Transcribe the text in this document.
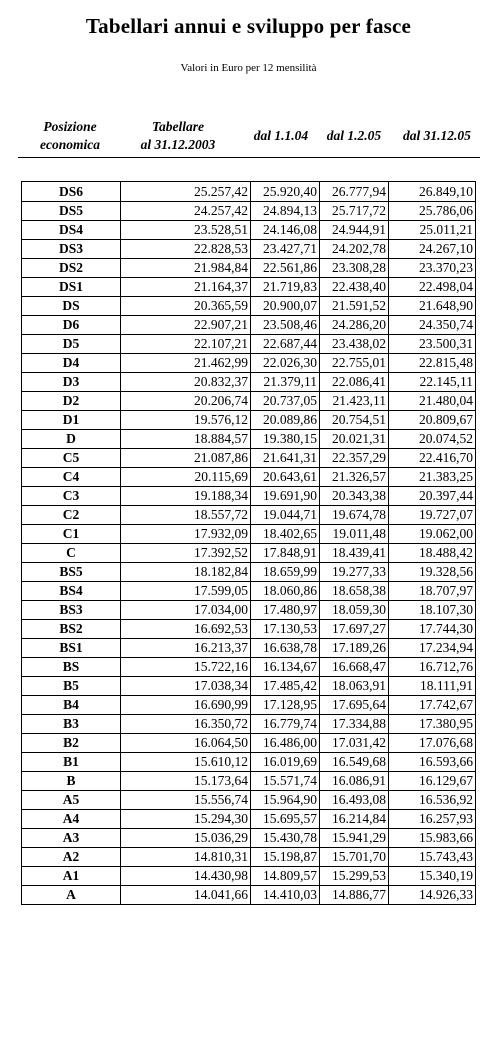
Tabellari annui e sviluppo per fasce
Valori in Euro per 12 mensilità
Posizione
economica
Tabellare
al 31.12.2003
dal 1.1.04	dal 1.2.05	dal 31.12.05
DS6	25.257,42	25.920,40	26.777,94	26.849,10
DS5	24.257,42	24.894,13	25.717,72	25.786,06
DS4	23.528,51	24.146,08	24.944,91	25.011,21
DS3	22.828,53	23.427,71	24.202,78	24.267,10
DS2	21.984,84	22.561,86	23.308,28	23.370,23
DS1	21.164,37	21.719,83	22.438,40	22.498,04
DS	20.365,59	20.900,07	21.591,52	21.648,90
D6	22.907,21	23.508,46	24.286,20	24.350,74
D5	22.107,21	22.687,44	23.438,02	23.500,31
D4	21.462,99	22.026,30	22.755,01	22.815,48
D3	20.832,37	21.379,11	22.086,41	22.145,11
D2	20.206,74	20.737,05	21.423,11	21.480,04
D1	19.576,12	20.089,86	20.754,51	20.809,67
D	18.884,57	19.380,15	20.021,31	20.074,52
C5	21.087,86	21.641,31	22.357,29	22.416,70
C4	20.115,69	20.643,61	21.326,57	21.383,25
C3	19.188,34	19.691,90	20.343,38	20.397,44
C2	18.557,72	19.044,71	19.674,78	19.727,07
C1	17.932,09	18.402,65	19.011,48	19.062,00
C	17.392,52	17.848,91	18.439,41	18.488,42
BS5	18.182,84	18.659,99	19.277,33	19.328,56
BS4	17.599,05	18.060,86	18.658,38	18.707,97
BS3	17.034,00	17.480,97	18.059,30	18.107,30
BS2	16.692,53	17.130,53	17.697,27	17.744,30
BS1	16.213,37	16.638,78	17.189,26	17.234,94
BS	15.722,16	16.134,67	16.668,47	16.712,76
B5	17.038,34	17.485,42	18.063,91	18.111,91
B4	16.690,99	17.128,95	17.695,64	17.742,67
B3	16.350,72	16.779,74	17.334,88	17.380,95
B2	16.064,50	16.486,00	17.031,42	17.076,68
B1	15.610,12	16.019,69	16.549,68	16.593,66
B	15.173,64	15.571,74	16.086,91	16.129,67
A5	15.556,74	15.964,90	16.493,08	16.536,92
A4	15.294,30	15.695,57	16.214,84	16.257,93
A3	15.036,29	15.430,78	15.941,29	15.983,66
A2	14.810,31	15.198,87	15.701,70	15.743,43
A1	14.430,98	14.809,57	15.299,53	15.340,19
A	14.041,66	14.410,03	14.886,77	14.926,33
